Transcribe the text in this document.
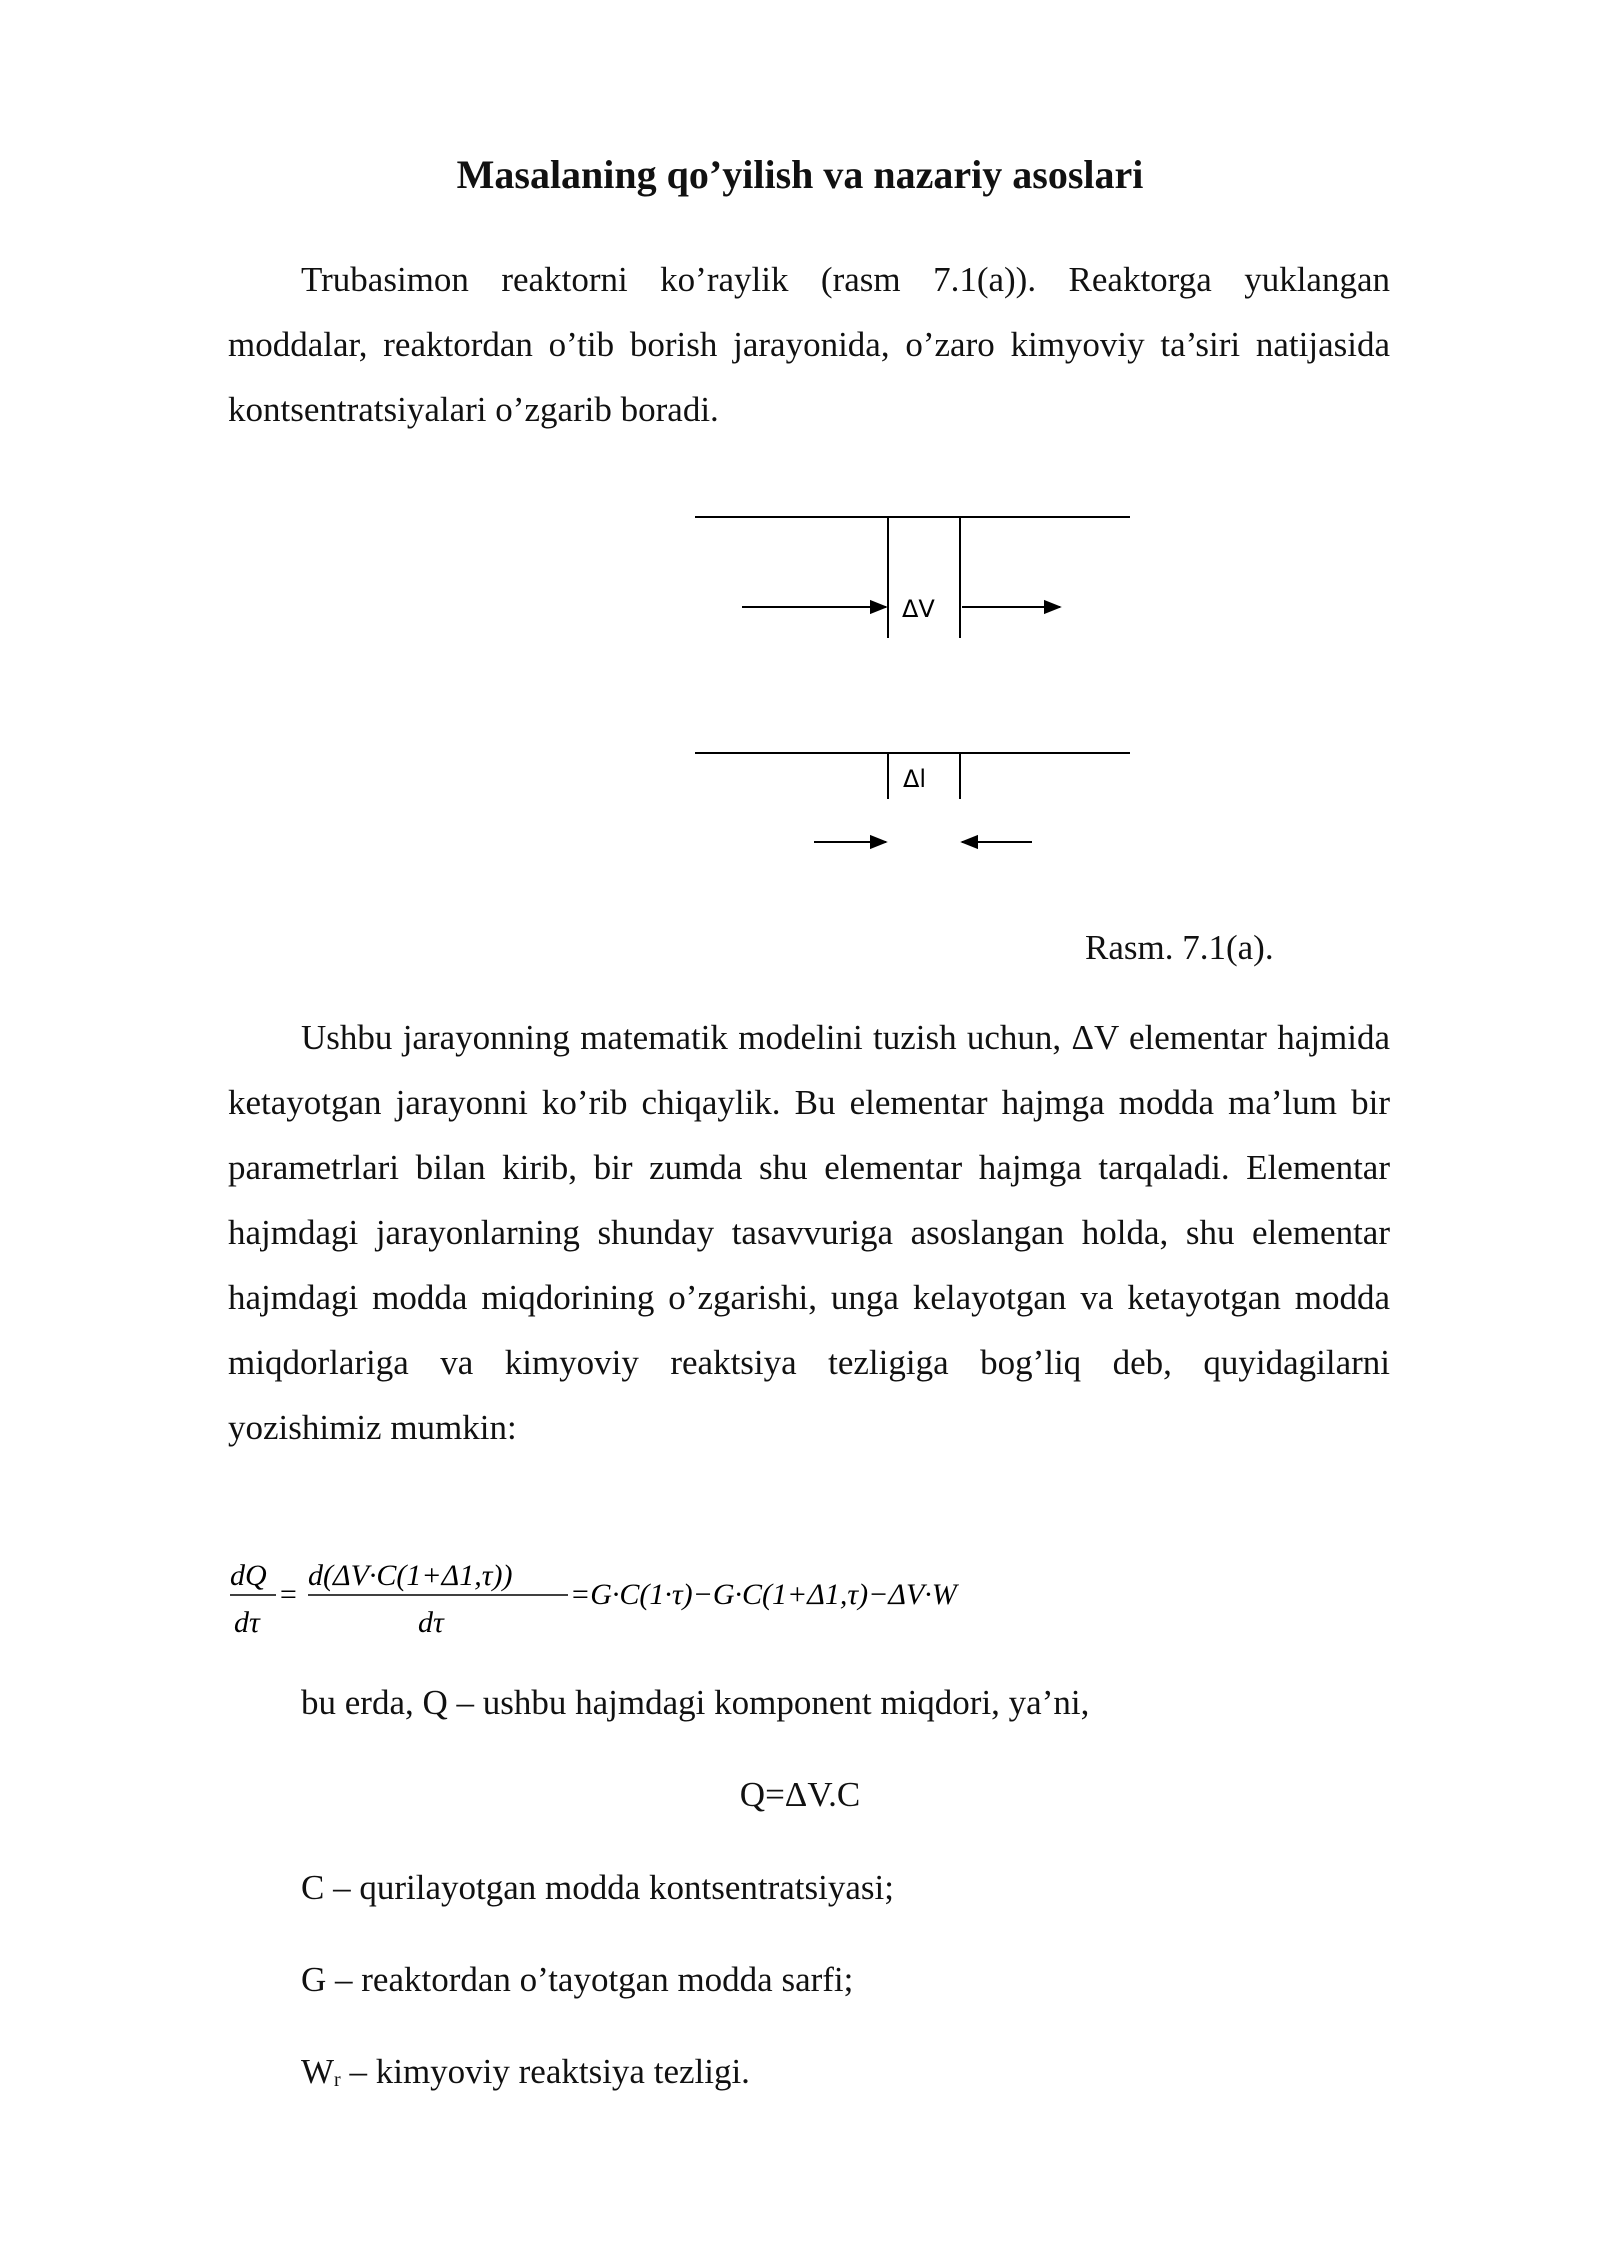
Masalaning qo’yilish va nazariy asoslari

Trubasimon reaktorni ko’raylik (rasm 7.1(a)). Reaktorga yuklangan moddalar, reaktordan o’tib borish jarayonida, o’zaro kimyoviy ta’siri natijasida kontsentratsiyalari o’zgarib boradi.

ΔV
Δl
Rasm. 7.1(a).

Ushbu jarayonning matematik modelini tuzish uchun, ΔV elementar hajmida ketayotgan jarayonni ko’rib chiqaylik. Bu elementar hajmga modda ma’lum bir parametrlari bilan kirib, bir zumda shu elementar hajmga tarqaladi. Elementar hajmdagi jarayonlarning shunday tasavvuriga asoslangan holda, shu elementar hajmdagi modda miqdorining o’zgarishi, unga kelayotgan va ketayotgan modda miqdorlariga va kimyoviy reaktsiya tezligiga bog’liq deb, quyidagilarni yozishimiz mumkin:

dQ
dτ
=
d(ΔV·C(1+Δ1,τ))
dτ
=G·C(1·τ)−G·C(1+Δ1,τ)−ΔV·W

bu erda, Q – ushbu hajmdagi komponent miqdori, ya’ni,

Q=ΔV.C

C – qurilayotgan modda kontsentratsiyasi;

G – reaktordan o’tayotgan modda sarfi;

Wr – kimyoviy reaktsiya tezligi.
